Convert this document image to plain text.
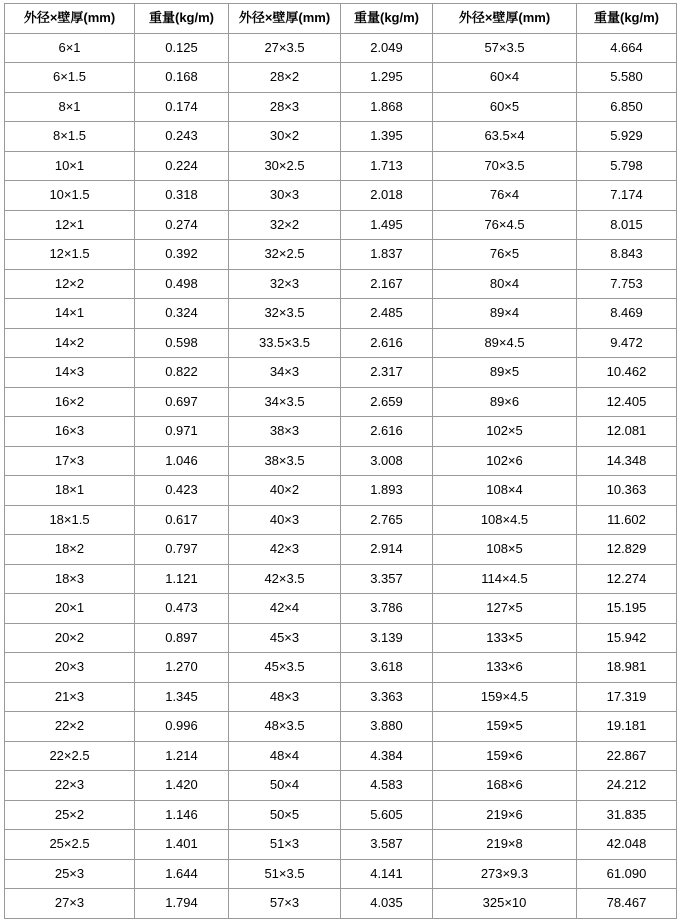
外径×壁厚(mm)	重量(kg/m)	外径×壁厚(mm)	重量(kg/m)	外径×壁厚(mm)	重量(kg/m)
6×1	0.125	27×3.5	2.049	57×3.5	4.664
6×1.5	0.168	28×2	1.295	60×4	5.580
8×1	0.174	28×3	1.868	60×5	6.850
8×1.5	0.243	30×2	1.395	63.5×4	5.929
10×1	0.224	30×2.5	1.713	70×3.5	5.798
10×1.5	0.318	30×3	2.018	76×4	7.174
12×1	0.274	32×2	1.495	76×4.5	8.015
12×1.5	0.392	32×2.5	1.837	76×5	8.843
12×2	0.498	32×3	2.167	80×4	7.753
14×1	0.324	32×3.5	2.485	89×4	8.469
14×2	0.598	33.5×3.5	2.616	89×4.5	9.472
14×3	0.822	34×3	2.317	89×5	10.462
16×2	0.697	34×3.5	2.659	89×6	12.405
16×3	0.971	38×3	2.616	102×5	12.081
17×3	1.046	38×3.5	3.008	102×6	14.348
18×1	0.423	40×2	1.893	108×4	10.363
18×1.5	0.617	40×3	2.765	108×4.5	11.602
18×2	0.797	42×3	2.914	108×5	12.829
18×3	1.121	42×3.5	3.357	114×4.5	12.274
20×1	0.473	42×4	3.786	127×5	15.195
20×2	0.897	45×3	3.139	133×5	15.942
20×3	1.270	45×3.5	3.618	133×6	18.981
21×3	1.345	48×3	3.363	159×4.5	17.319
22×2	0.996	48×3.5	3.880	159×5	19.181
22×2.5	1.214	48×4	4.384	159×6	22.867
22×3	1.420	50×4	4.583	168×6	24.212
25×2	1.146	50×5	5.605	219×6	31.835
25×2.5	1.401	51×3	3.587	219×8	42.048
25×3	1.644	51×3.5	4.141	273×9.3	61.090
27×3	1.794	57×3	4.035	325×10	78.467
